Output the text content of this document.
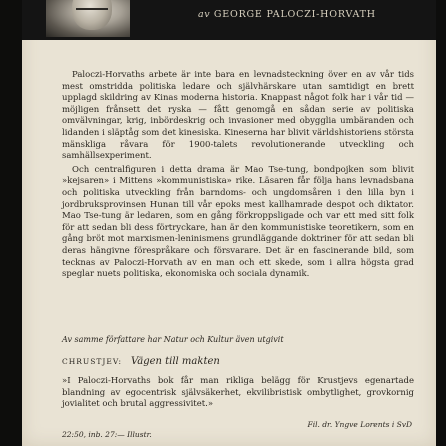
av GEORGE PALOCZI-HORVATH

Paloczi-Horvaths arbete är inte bara en levnadsteckning över en av vår tids mest omstridda politiska ledare och självhärskare utan samtidigt en brett upplagd skildring av Kinas moderna historia. Knappast något folk har i vår tid — möjligen frånsett det ryska — fått genomgå en sådan serie av politiska omvälvningar, krig, inbördeskrig och invasioner med obygglia umbäranden och lidanden i släptåg som det kinesiska. Kineserna har blivit världshistoriens största mänskliga råvara för 1900-talets revolutionerande utveckling och samhällsexperiment.

Och centralfiguren i detta drama är Mao Tse-tung, bondpojken som blivit »kejsaren» i Mittens »kommunistiska» rike. Läsaren får följa hans levnadsbana och politiska utveckling från barndoms- och ungdomsåren i den lilla byn i jordbruksprovinsen Hunan till vår epoks mest kallhamrade despot och diktator. Mao Tse-tung är ledaren, som en gång förkroppsligade och var ett med sitt folk för att sedan bli dess förtryckare, han är den kommunistiske teoretikern, som en gång bröt mot marxismen-leninismens grundläggande doktriner för att sedan bli deras hängivne förespråkare och försvarare. Det är en fascinerande bild, som tecknas av Paloczi-Horvath av en man och ett skede, som i allra högsta grad speglar nuets politiska, ekonomiska och sociala dynamik.

Av samme författare har Natur och Kultur även utgivit
CHRUSTJEV: Vägen till makten
»I Paloczi-Horvaths bok får man rikliga belägg för Krustjevs egenartade blandning av egocentrisk självsäkerhet, ekvilibristisk ombytlighet, grovkornig jovialitet och brutal aggressivitet.»
Fil. dr. Yngve Lorents i SvD
22:50, inb. 27:— Illustr.
